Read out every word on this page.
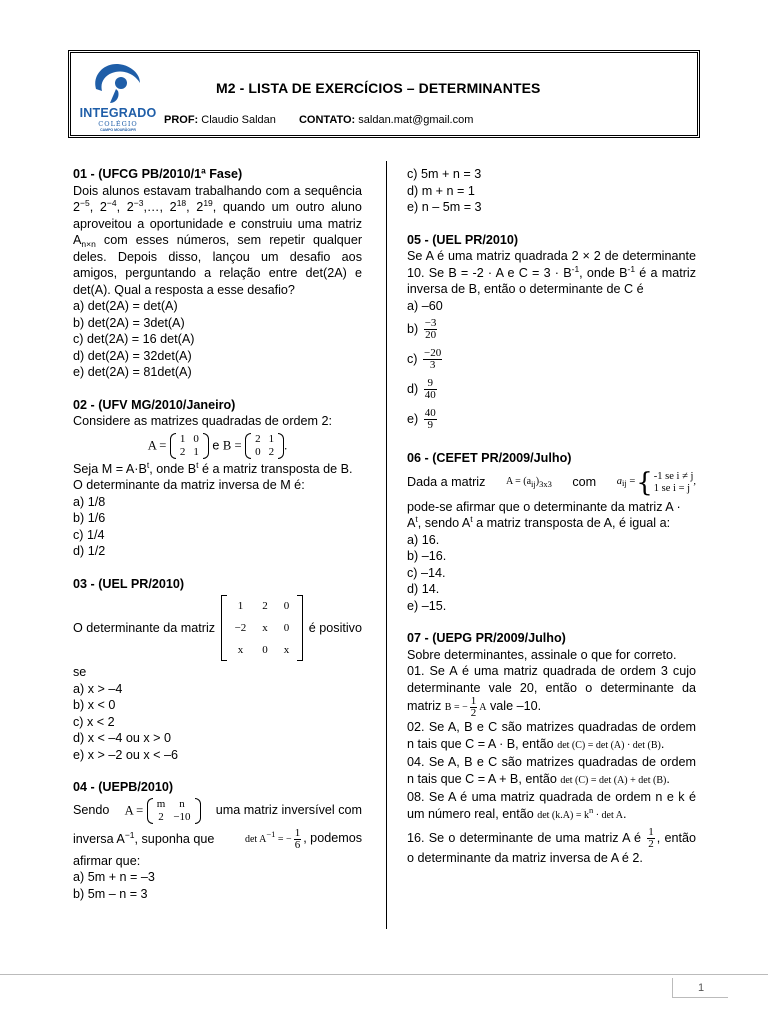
INTEGRADO
COLÉGIO
CAMPO MOURÃO/PR
M2 - LISTA DE EXERCÍCIOS – DETERMINANTES
PROF: Claudio Saldan CONTATO: saldan.mat@gmail.com
01 - (UFCG PB/2010/1ª Fase)
Dois alunos estavam trabalhando com a sequência $2^{-5}$, $2^{-4}$, $2^{-3},\dots$, $2^{18}$, $2^{19}$, quando um outro aluno aproveitou a oportunidade e construiu uma matriz $A_{n\times n}$ com esses números, sem repetir qualquer deles. Depois disso, lançou um desafio aos amigos, perguntando a relação entre det(2A) e det(A). Qual a resposta a esse desafio?
a) det(2A) = det(A)
b) det(2A) = 3det(A)
c) det(2A) = 16 det(A)
d) det(2A) = 32det(A)
e) det(2A) = 81det(A)
02 - (UFV MG/2010/Janeiro)
Considere as matrizes quadradas de ordem 2:
A = 1	0
2	1 e B = 2	1
0	2 .
Seja $M = A\cdot B^t$, onde $B^t$ é a matriz transposta de B. O determinante da matriz inversa de M é:
a) 1/8
b) 1/6
c) 1/4
d) 1/2
03 - (UEL PR/2010)
O determinante da matriz
1	2	0
−2	x	0
x	0	x
é positivo
se
a) x > –4
b) x < 0
c) x < 2
d) x < –4 ou x > 0
e) x > –2 ou x < –6
04 - (UEPB/2010)
Sendo A = m	n
2	−10 uma matriz inversível com
inversa $A^{-1}$, suponha que	$\det A^{-1}$ = − $\frac{1}{6}$ , podemos
afirmar que:
a) 5m + n = –3
b) 5m – n = 3
c) 5m + n = 3
d) m + n = 1
e) n – 5m = 3
05 - (UEL PR/2010)
Se A é uma matriz quadrada 2 × 2 de determinante 10. Se B = -2 · A e $C = 3 \cdot B^{-1}$, onde $B^{-1}$ é a matriz inversa de B, então o determinante de C é
a) –60
$b) \frac{-3}{20}$
$c) \frac{-20}{3}$
$d) \frac{9}{40}$
$e) \frac{40}{9}$
06 - (CEFET PR/2009/Julho)
Dada a matriz $A = (a_{ij})_{3x3}$ com a ij = { -1 se i ≠ j
1 se i = j
,
pode-se afirmar que o determinante da matriz $A \cdot A^t$, sendo $A^t$ a matriz transposta de A, é igual a:
a) 16.
b) –16.
c) –14.
d) 14.
e) –15.
07 - (UEPG PR/2009/Julho)
Sobre determinantes, assinale o que for correto.
01. Se A é uma matriz quadrada de ordem 3 cujo determinante vale 20, então o determinante da matriz B = − $\frac{1}{2}$ A vale –10.
02. Se A, B e C são matrizes quadradas de ordem n tais que C = A · B, então det (C) = det (A) · det (B).
04. Se A, B e C são matrizes quadradas de ordem n tais que C = A + B, então det (C) = det (A) + det (B).
08. Se A é uma matriz quadrada de ordem n e k é um número real, então $\det (k.A) = k^n \cdot \det A$.
16. Se o determinante de uma matriz A é $\frac{1}{2}$ , então o determinante da matriz inversa de A é 2.
1
